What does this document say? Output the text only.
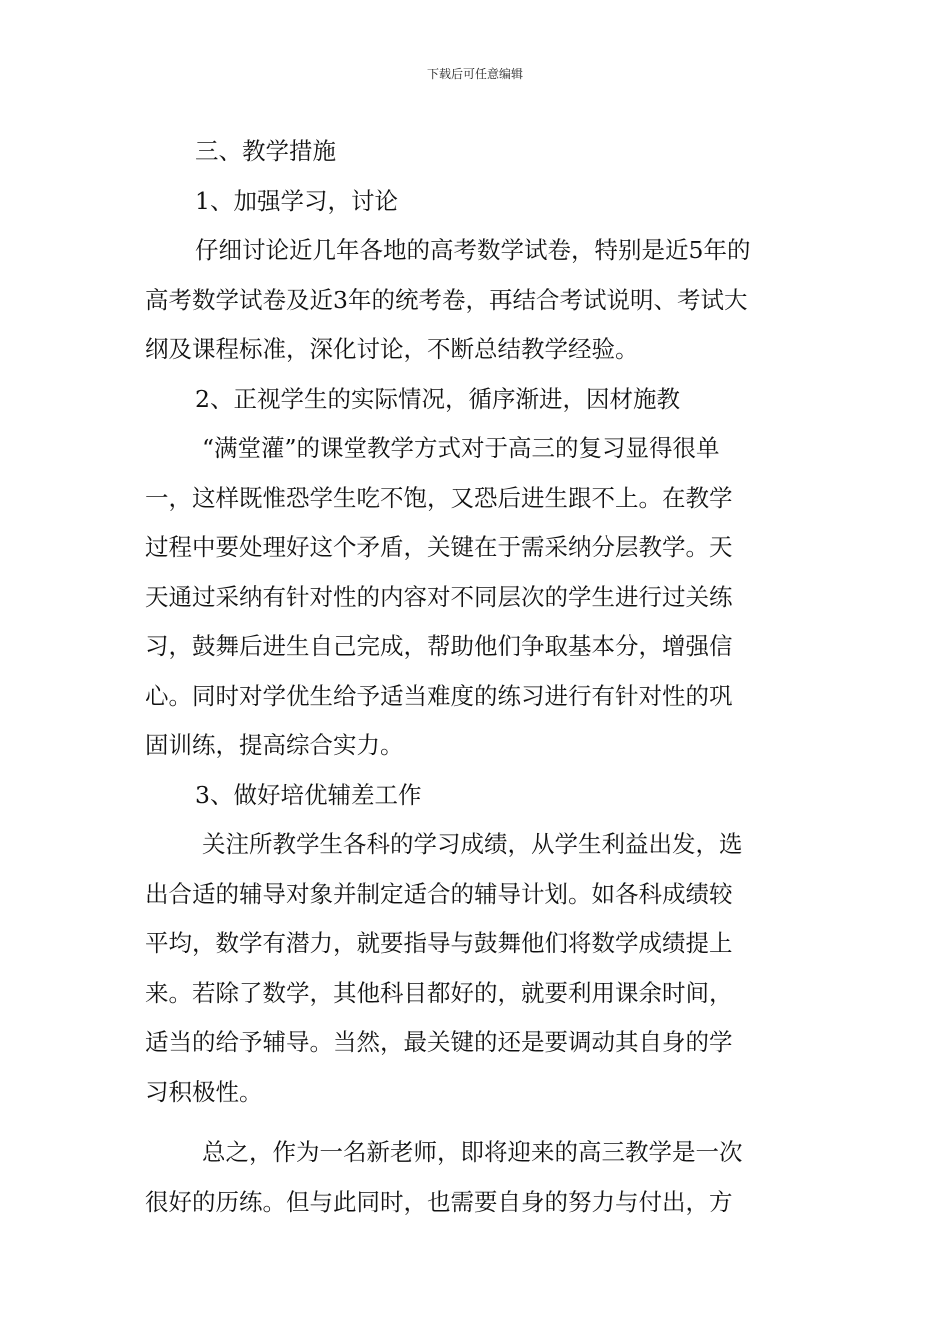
下载后可任意编辑
三、教学措施
1、加强学习，讨论
仔细讨论近几年各地的高考数学试卷，特别是近5年的
高考数学试卷及近3年的统考卷，再结合考试说明、考试大
纲及课程标准，深化讨论，不断总结教学经验。
2、正视学生的实际情况，循序渐进，因材施教
“满堂灌”的课堂教学方式对于高三的复习显得很单
一，这样既惟恐学生吃不饱，又恐后进生跟不上。在教学
过程中要处理好这个矛盾，关键在于需采纳分层教学。天
天通过采纳有针对性的内容对不同层次的学生进行过关练
习，鼓舞后进生自己完成，帮助他们争取基本分，增强信
心。同时对学优生给予适当难度的练习进行有针对性的巩
固训练，提高综合实力。
3、做好培优辅差工作
关注所教学生各科的学习成绩，从学生利益出发，选
出合适的辅导对象并制定适合的辅导计划。如各科成绩较
平均，数学有潜力，就要指导与鼓舞他们将数学成绩提上
来。若除了数学，其他科目都好的，就要利用课余时间，
适当的给予辅导。当然，最关键的还是要调动其自身的学
习积极性。
总之，作为一名新老师，即将迎来的高三教学是一次
很好的历练。但与此同时，也需要自身的努力与付出，方
